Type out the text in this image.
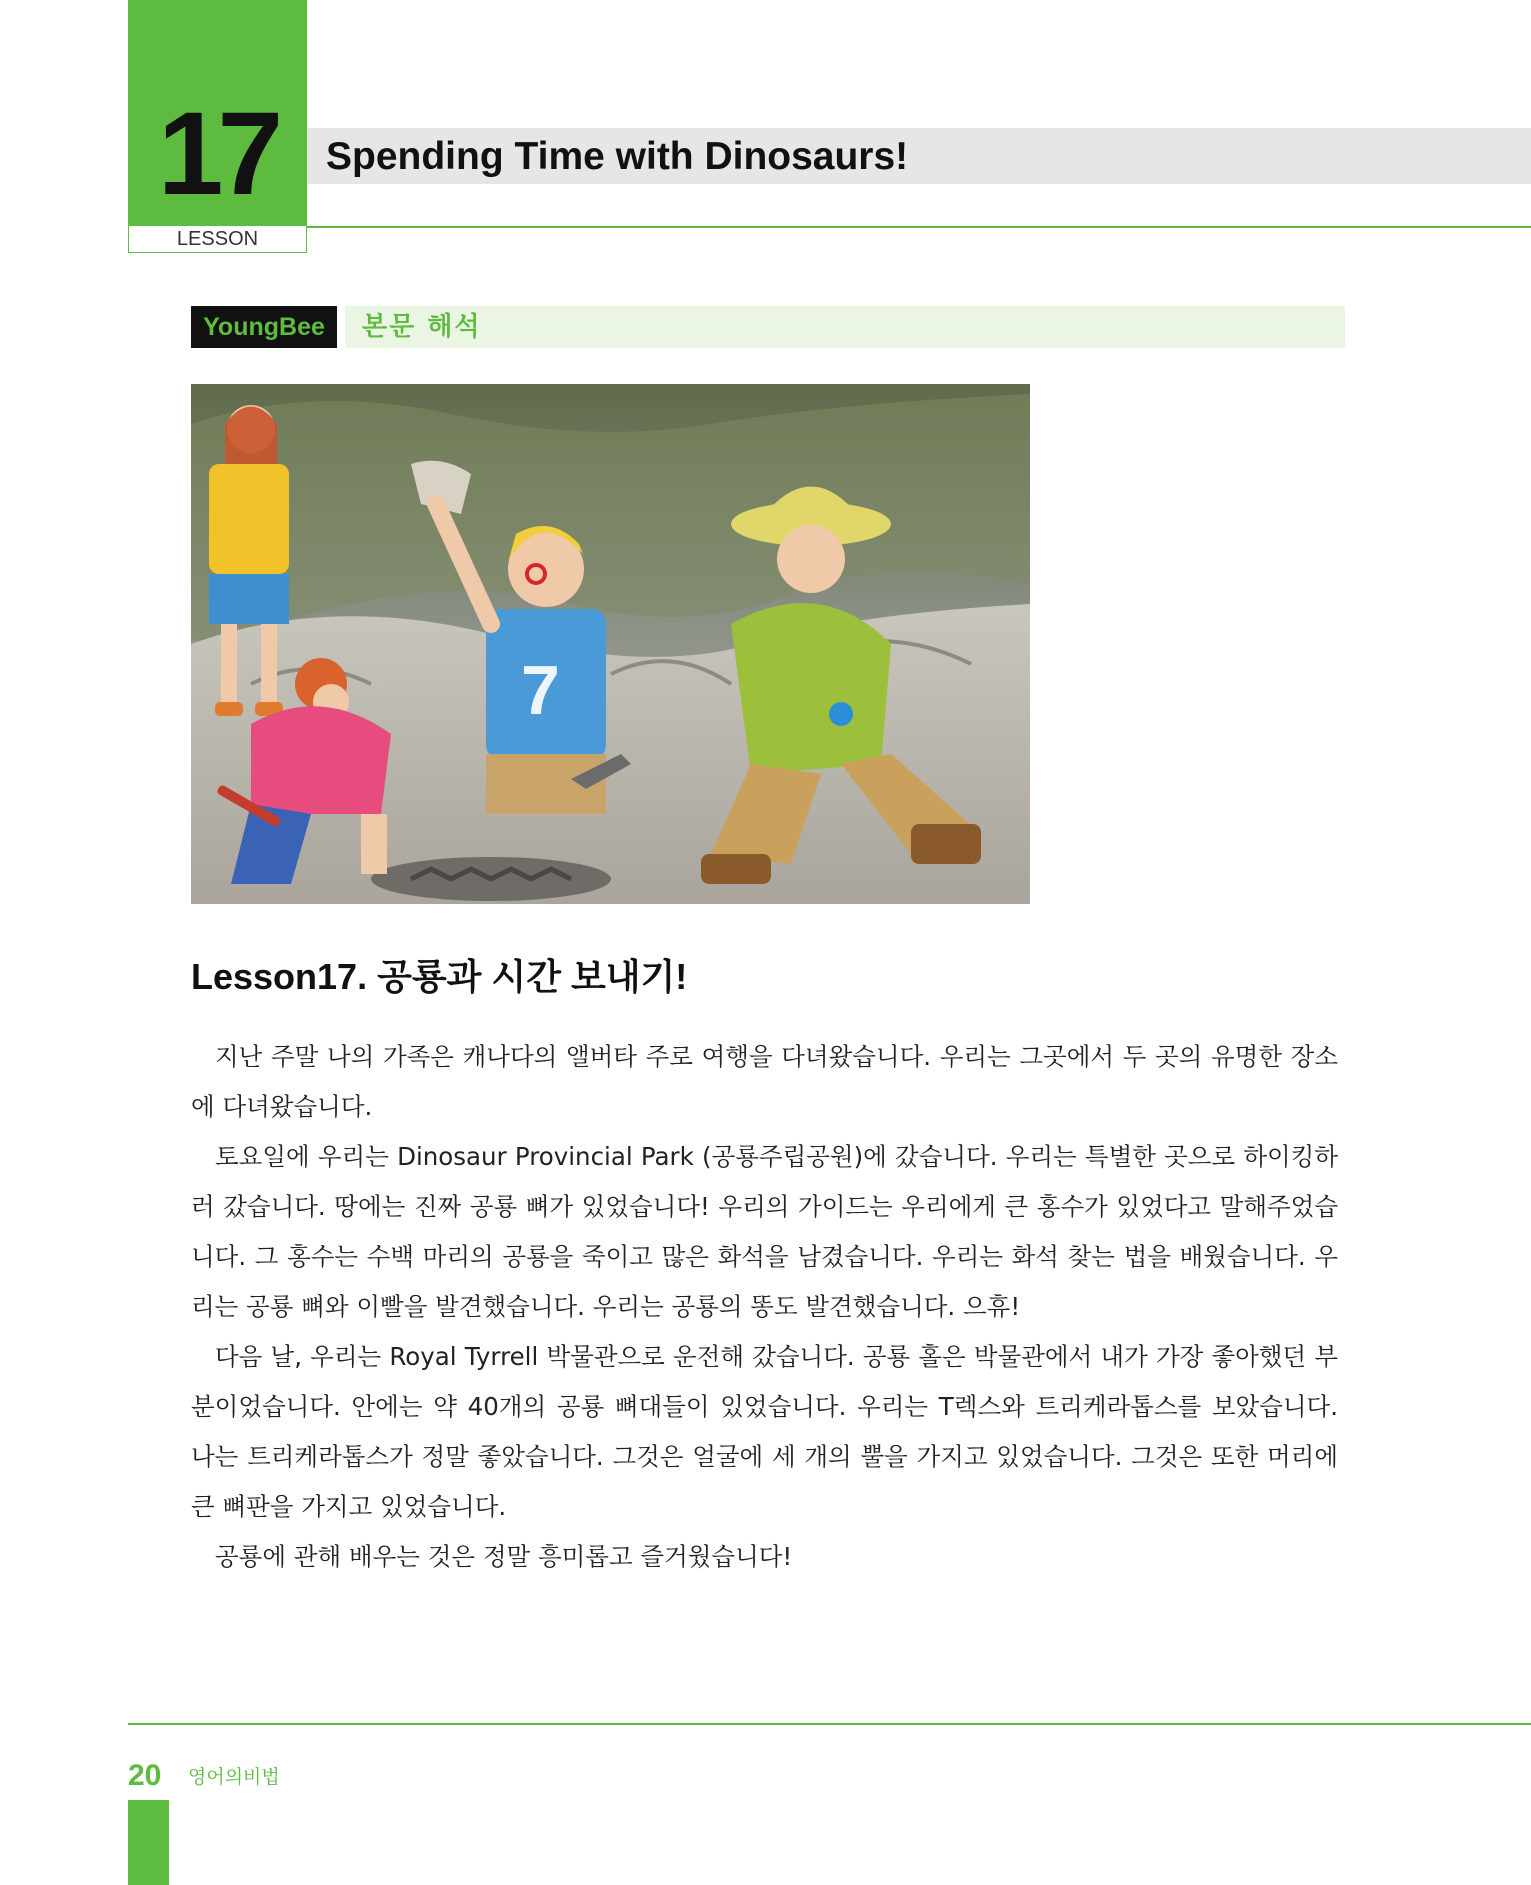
17
LESSON
Spending Time with Dinosaurs!
YoungBee	본문 해석
7
Lesson17. 공룡과 시간 보내기!

지난 주말 나의 가족은 캐나다의 앨버타 주로 여행을 다녀왔습니다. 우리는 그곳에서 두 곳의 유명한 장소에 다녀왔습니다.

토요일에 우리는 Dinosaur Provincial Park (공룡주립공원)에 갔습니다. 우리는 특별한 곳으로 하이킹하러 갔습니다. 땅에는 진짜 공룡 뼈가 있었습니다! 우리의 가이드는 우리에게 큰 홍수가 있었다고 말해주었습니다. 그 홍수는 수백 마리의 공룡을 죽이고 많은 화석을 남겼습니다. 우리는 화석 찾는 법을 배웠습니다. 우리는 공룡 뼈와 이빨을 발견했습니다. 우리는 공룡의 똥도 발견했습니다. 으휴!

다음 날, 우리는 Royal Tyrrell 박물관으로 운전해 갔습니다. 공룡 홀은 박물관에서 내가 가장 좋아했던 부분이었습니다. 안에는 약 40개의 공룡 뼈대들이 있었습니다. 우리는 T렉스와 트리케라톱스를 보았습니다. 나는 트리케라톱스가 정말 좋았습니다. 그것은 얼굴에 세 개의 뿔을 가지고 있었습니다. 그것은 또한 머리에 큰 뼈판을 가지고 있었습니다.

공룡에 관해 배우는 것은 정말 흥미롭고 즐거웠습니다!

20 영어의비법
